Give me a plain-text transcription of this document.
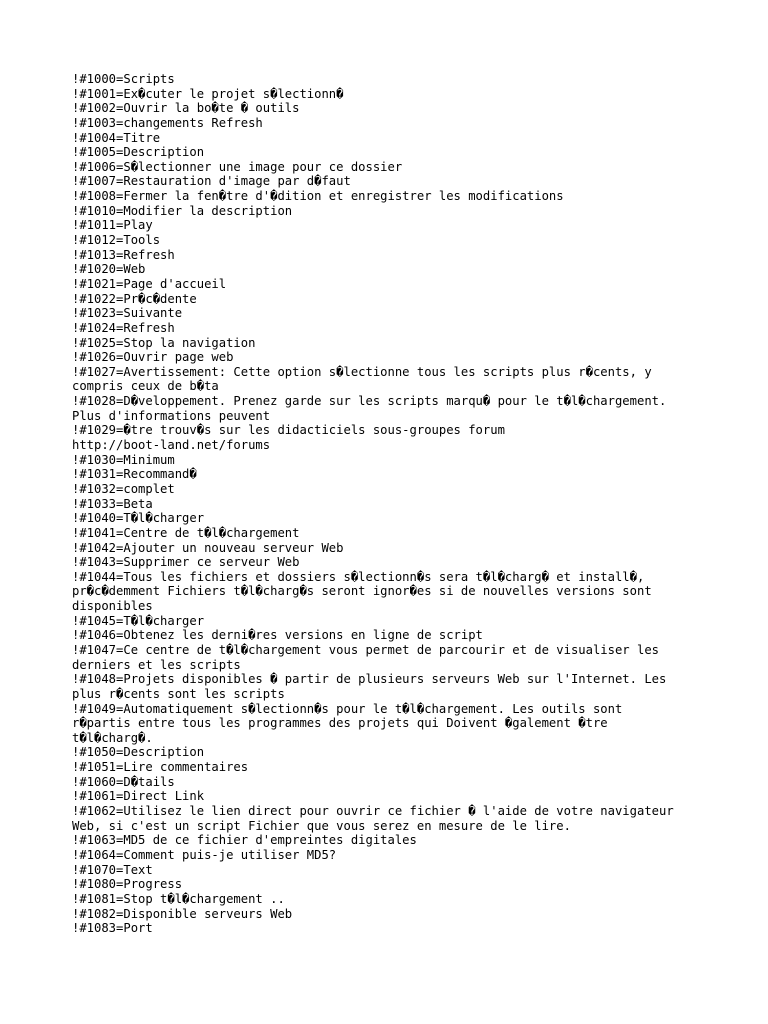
!#1000=Scripts
!#1001=Ex�cuter le projet s�lectionn�
!#1002=Ouvrir la bo�te � outils
!#1003=changements Refresh
!#1004=Titre
!#1005=Description
!#1006=S�lectionner une image pour ce dossier
!#1007=Restauration d'image par d�faut
!#1008=Fermer la fen�tre d'�dition et enregistrer les modifications
!#1010=Modifier la description
!#1011=Play
!#1012=Tools
!#1013=Refresh
!#1020=Web
!#1021=Page d'accueil
!#1022=Pr�c�dente
!#1023=Suivante
!#1024=Refresh
!#1025=Stop la navigation
!#1026=Ouvrir page web
!#1027=Avertissement: Cette option s�lectionne tous les scripts plus r�cents, y
compris ceux de b�ta
!#1028=D�veloppement. Prenez garde sur les scripts marqu� pour le t�l�chargement.
Plus d'informations peuvent
!#1029=�tre trouv�s sur les didacticiels sous-groupes forum
http://boot-land.net/forums
!#1030=Minimum
!#1031=Recommand�
!#1032=complet
!#1033=Beta
!#1040=T�l�charger
!#1041=Centre de t�l�chargement
!#1042=Ajouter un nouveau serveur Web
!#1043=Supprimer ce serveur Web
!#1044=Tous les fichiers et dossiers s�lectionn�s sera t�l�charg� et install�,
pr�c�demment Fichiers t�l�charg�s seront ignor�es si de nouvelles versions sont
disponibles
!#1045=T�l�charger
!#1046=Obtenez les derni�res versions en ligne de script
!#1047=Ce centre de t�l�chargement vous permet de parcourir et de visualiser les
derniers et les scripts
!#1048=Projets disponibles � partir de plusieurs serveurs Web sur l'Internet. Les
plus r�cents sont les scripts
!#1049=Automatiquement s�lectionn�s pour le t�l�chargement. Les outils sont
r�partis entre tous les programmes des projets qui Doivent �galement �tre
t�l�charg�.
!#1050=Description
!#1051=Lire commentaires
!#1060=D�tails
!#1061=Direct Link
!#1062=Utilisez le lien direct pour ouvrir ce fichier � l'aide de votre navigateur
Web, si c'est un script Fichier que vous serez en mesure de le lire.
!#1063=MD5 de ce fichier d'empreintes digitales
!#1064=Comment puis-je utiliser MD5?
!#1070=Text
!#1080=Progress
!#1081=Stop t�l�chargement ..
!#1082=Disponible serveurs Web
!#1083=Port
